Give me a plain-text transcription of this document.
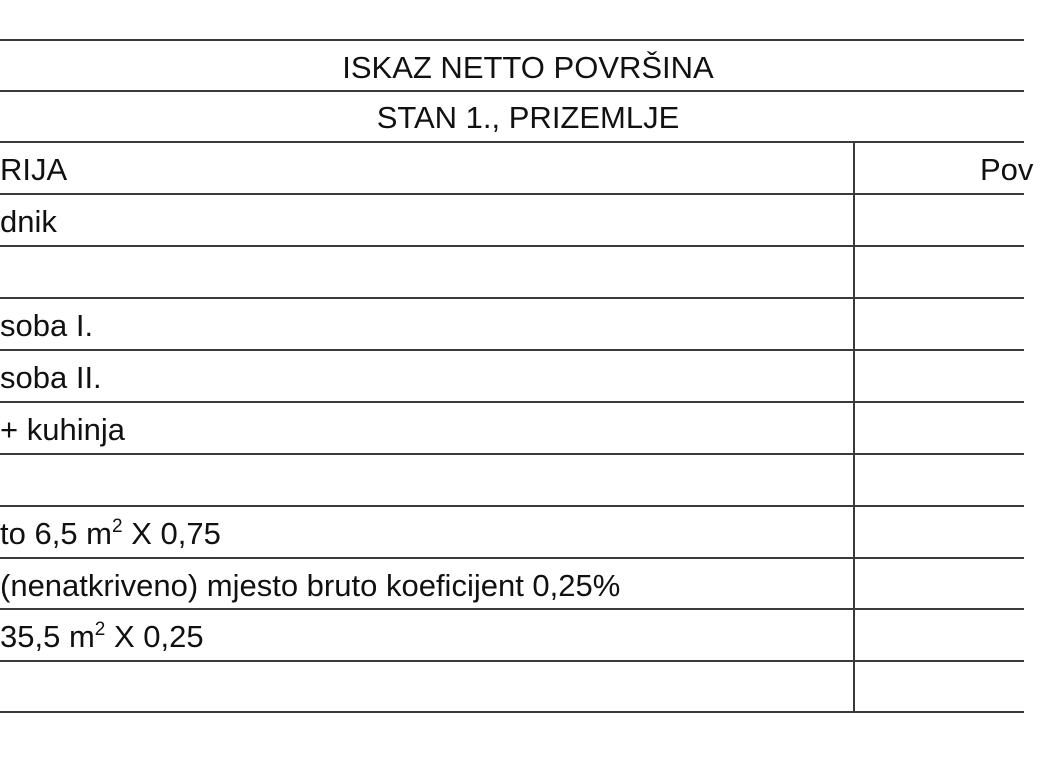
ISKAZ NETTO POVRŠINA
STAN 1., PRIZEMLJE
RIJA	Pov
dnik
soba I.
soba II.
+ kuhinja
to 6,5 $m^2$ X 0,75
(nenatkriveno) mjesto bruto koeficijent 0,25%
35,5 $m^2$ X 0,25
